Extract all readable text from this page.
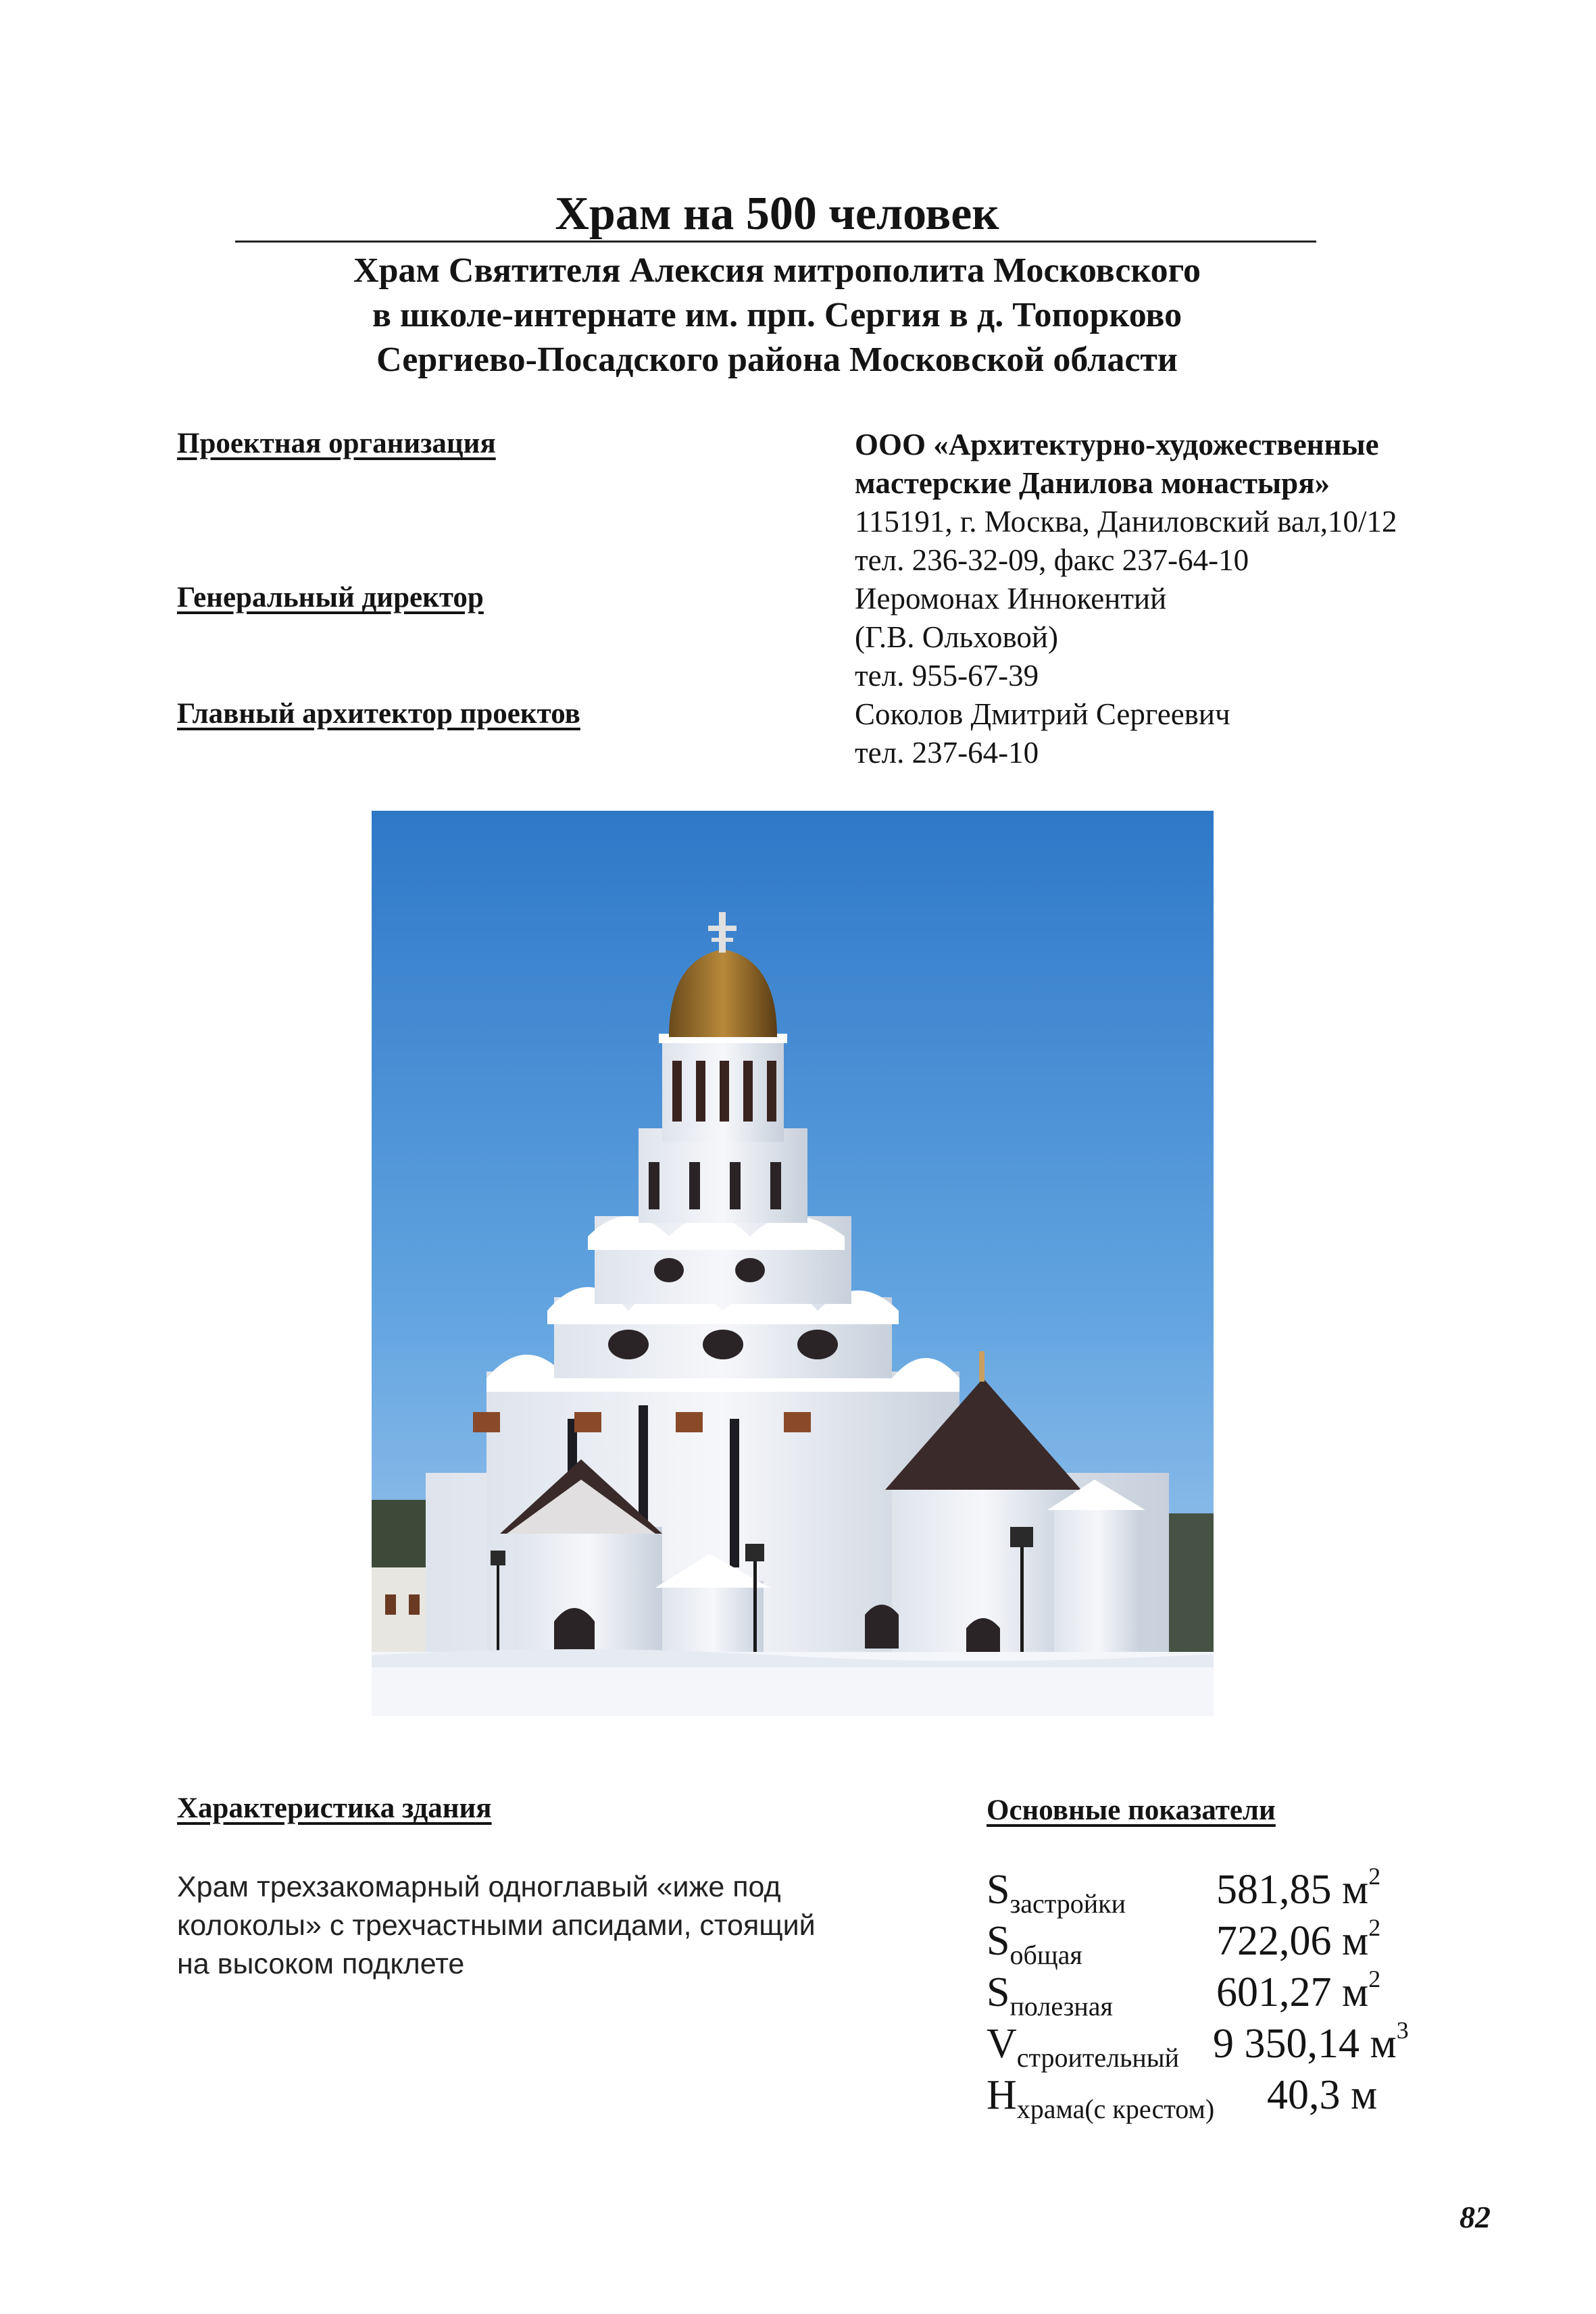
Храм на 500 человек
Храм Святителя Алексия митрополита Московского
в школе-интернате им. прп. Сергия в д. Топорково
Сергиево-Посадского района Московской области
Проектная организация
Генеральный директор
Главный архитектор проектов
ООО «Архитектурно-художественные
мастерские Данилова монастыря»
115191, г. Москва, Даниловский вал,10/12
тел. 236-32-09, факс 237-64-10
Иеромонах Иннокентий
(Г.В. Ольховой)
тел. 955-67-39
Соколов Дмитрий Сергеевич
тел. 237-64-10
Характеристика здания
Храм трехзакомарный одноглавый «иже под
колоколы» с трехчастными апсидами, стоящий
на высоком подклете
Основные показатели
$S_{застройки}$ 581,85 $м^2$
$S_{общая}$	722,06 $м^2$
$S_{полезная}$ 601,27 $м^2$
$V_{строительный}$ 9 350,14 $м^3$
$H_{храма(с крестом)}$ 40,3 м
82
